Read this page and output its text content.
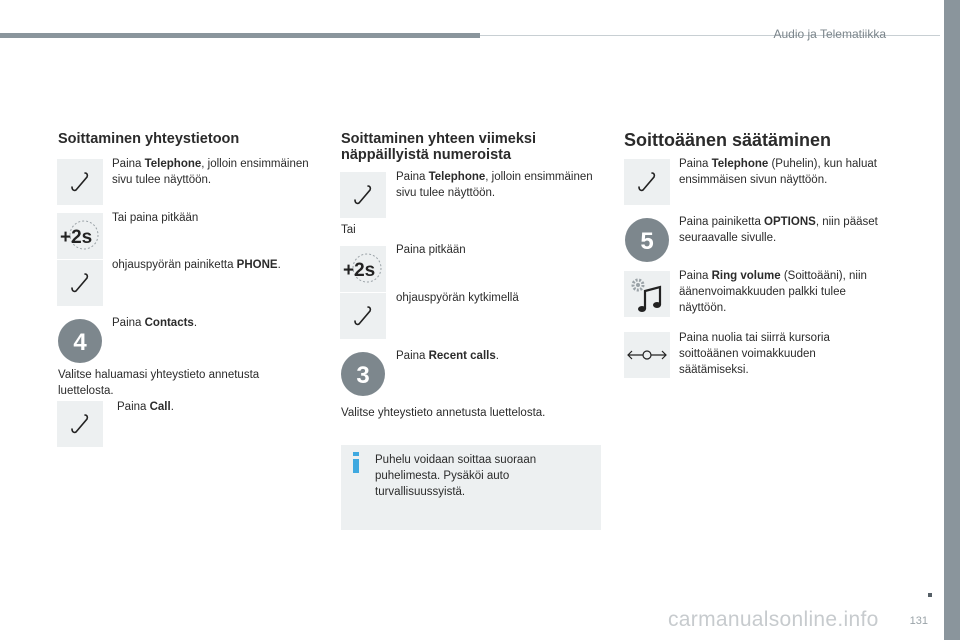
Audio ja Telematiikka
131
Soittaminen yhteystietoon
Paina Telephone, jolloin ensimmäinen sivu tulee näyttöön.
+2s
Tai paina pitkään
ohjauspyörän painiketta PHONE.
4
Paina Contacts.
Valitse haluamasi yhteystieto annetusta luettelosta.
Paina Call.
Soittaminen yhteen viimeksi näppäillyistä numeroista
Paina Telephone, jolloin ensimmäinen sivu tulee näyttöön.
Tai
+2s
Paina pitkään
ohjauspyörän kytkimellä
3
Paina Recent calls.
Valitse yhteystieto annetusta luettelosta.
Puhelu voidaan soittaa suoraan puhelimesta. Pysäköi auto turvallisuussyistä.
Soittoäänen säätäminen
Paina Telephone (Puhelin), kun haluat ensimmäisen sivun näyttöön.
5
Paina painiketta OPTIONS, niin pääset seuraavalle sivulle.
Paina Ring volume (Soittoääni), niin äänenvoimakkuuden palkki tulee näyttöön.
Paina nuolia tai siirrä kursoria soittoäänen voimakkuuden säätämiseksi.
carmanualsonline.info
